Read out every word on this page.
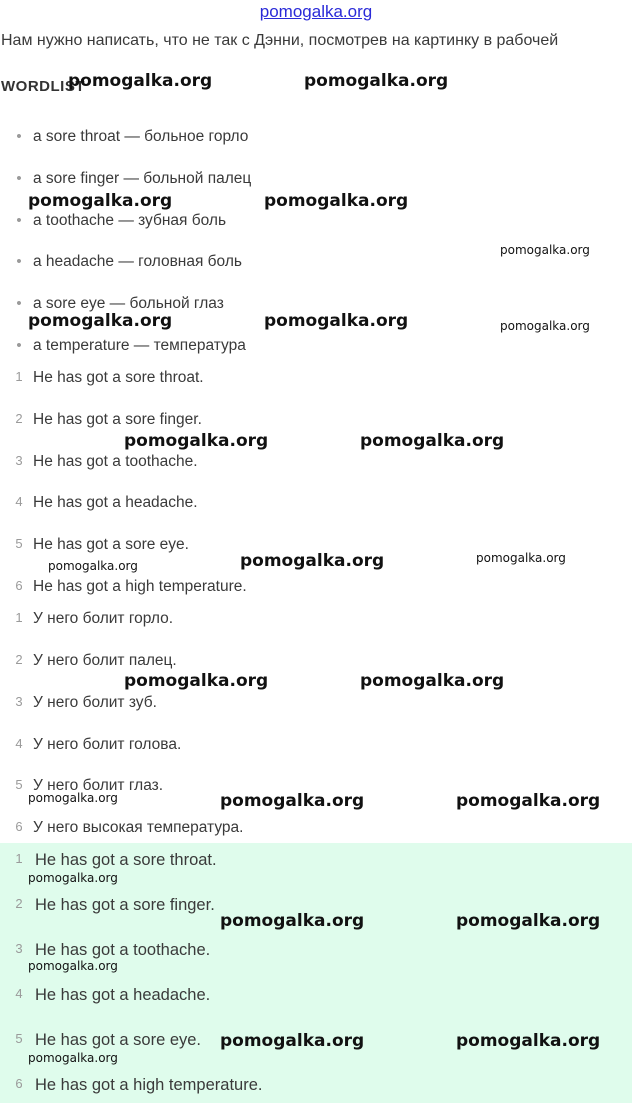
pomogalka.org
Нам нужно написать, что не так с Дэнни, посмотрев на картинку в рабочей
WORDLIST
• a sore throat — больное горло
• a sore finger — больной палец
• a toothache — зубная боль
• a headache — головная боль
• a sore eye — больной глаз
• a temperature — температура
1 He has got a sore throat.
2 He has got a sore finger.
3 He has got a toothache.
4 He has got a headache.
5 He has got a sore eye.
6 He has got a high temperature.
1 У него болит горло.
2 У него болит палец.
3 У него болит зуб.
4 У него болит голова.
5 У него болит глаз.
6 У него высокая температура.
1 He has got a sore throat.
2 He has got a sore finger.
3 He has got a toothache.
4 He has got a headache.
5 He has got a sore eye.
6 He has got a high temperature.
pomogalka.org	pomogalka.org
pomogalka.org	pomogalka.org
pomogalka.org
pomogalka.org	pomogalka.org	pomogalka.org
pomogalka.org	pomogalka.org
pomogalka.org	pomogalka.org
pomogalka.org
pomogalka.org	pomogalka.org
pomogalka.org	pomogalka.org	pomogalka.org
pomogalka.org
pomogalka.org	pomogalka.org
pomogalka.org
pomogalka.org	pomogalka.org
pomogalka.org
